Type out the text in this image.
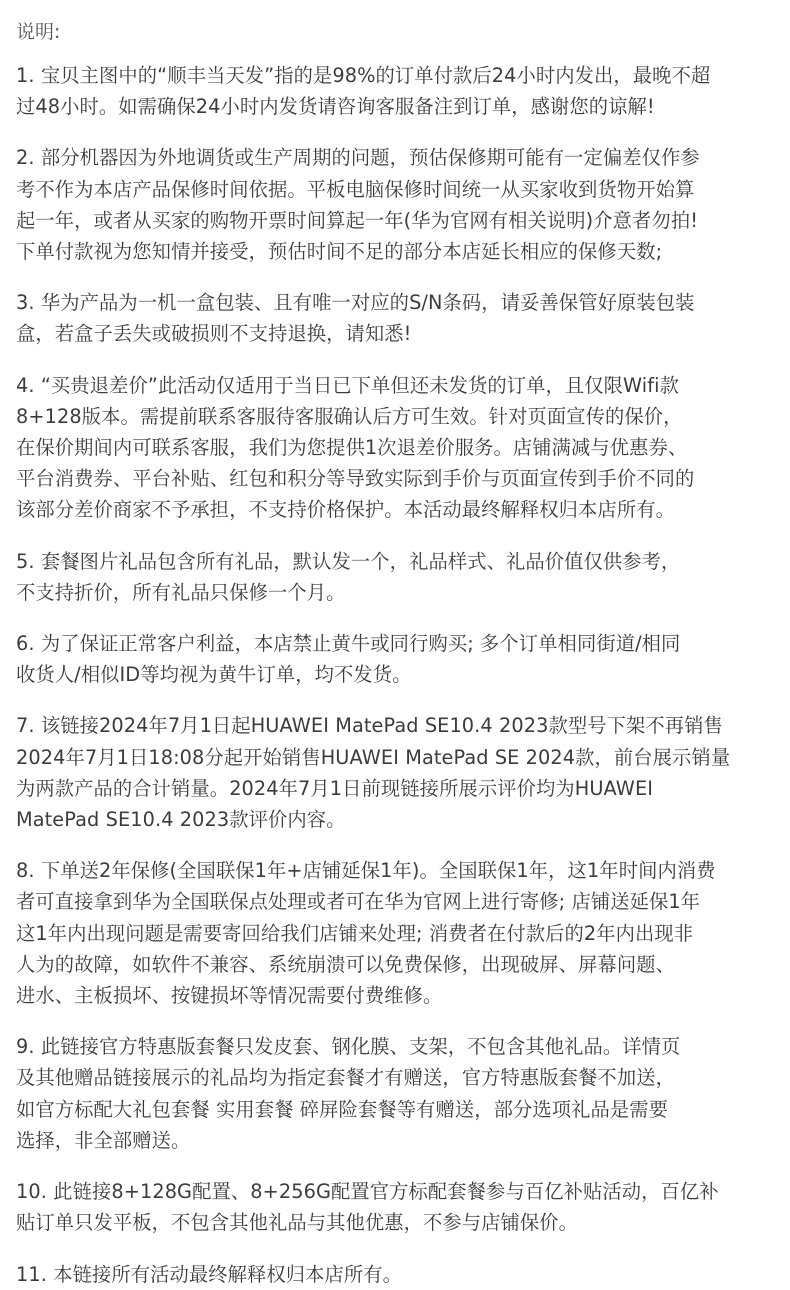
说明:
1. 宝贝主图中的“顺丰当天发”指的是98%的订单付款后24小时内发出，最晚不超
过48小时。如需确保24小时内发货请咨询客服备注到订单，感谢您的谅解!
2. 部分机器因为外地调货或生产周期的问题，预估保修期可能有一定偏差仅作参
考不作为本店产品保修时间依据。平板电脑保修时间统一从买家收到货物开始算
起一年，或者从买家的购物开票时间算起一年(华为官网有相关说明)介意者勿拍!
下单付款视为您知情并接受，预估时间不足的部分本店延长相应的保修天数;
3. 华为产品为一机一盒包装、且有唯一对应的S/N条码，请妥善保管好原装包装
盒，若盒子丢失或破损则不支持退换，请知悉!
4. “买贵退差价”此活动仅适用于当日已下单但还未发货的订单，且仅限Wifi款
8+128版本。需提前联系客服待客服确认后方可生效。针对页面宣传的保价，
在保价期间内可联系客服，我们为您提供1次退差价服务。店铺满减与优惠券、
平台消费券、平台补贴、红包和积分等导致实际到手价与页面宣传到手价不同的
该部分差价商家不予承担，不支持价格保护。本活动最终解释权归本店所有。
5. 套餐图片礼品包含所有礼品，默认发一个，礼品样式、礼品价值仅供参考，
不支持折价，所有礼品只保修一个月。
6. 为了保证正常客户利益，本店禁止黄牛或同行购买; 多个订单相同街道/相同
收货人/相似ID等均视为黄牛订单，均不发货。
7. 该链接2024年7月1日起HUAWEI MatePad SE10.4 2023款型号下架不再销售
2024年7月1日18:08分起开始销售HUAWEI MatePad SE 2024款，前台展示销量
为两款产品的合计销量。2024年7月1日前现链接所展示评价均为HUAWEI
MatePad SE10.4 2023款评价内容。
8. 下单送2年保修(全国联保1年+店铺延保1年)。全国联保1年，这1年时间内消费
者可直接拿到华为全国联保点处理或者可在华为官网上进行寄修; 店铺送延保1年
这1年内出现问题是需要寄回给我们店铺来处理; 消费者在付款后的2年内出现非
人为的故障，如软件不兼容、系统崩溃可以免费保修，出现破屏、屏幕问题、
进水、主板损坏、按键损坏等情况需要付费维修。
9. 此链接官方特惠版套餐只发皮套、钢化膜、支架，不包含其他礼品。详情页
及其他赠品链接展示的礼品均为指定套餐才有赠送，官方特惠版套餐不加送，
如官方标配大礼包套餐 实用套餐 碎屏险套餐等有赠送，部分选项礼品是需要
选择，非全部赠送。
10. 此链接8+128G配置、8+256G配置官方标配套餐参与百亿补贴活动，百亿补
贴订单只发平板，不包含其他礼品与其他优惠，不参与店铺保价。
11. 本链接所有活动最终解释权归本店所有。
